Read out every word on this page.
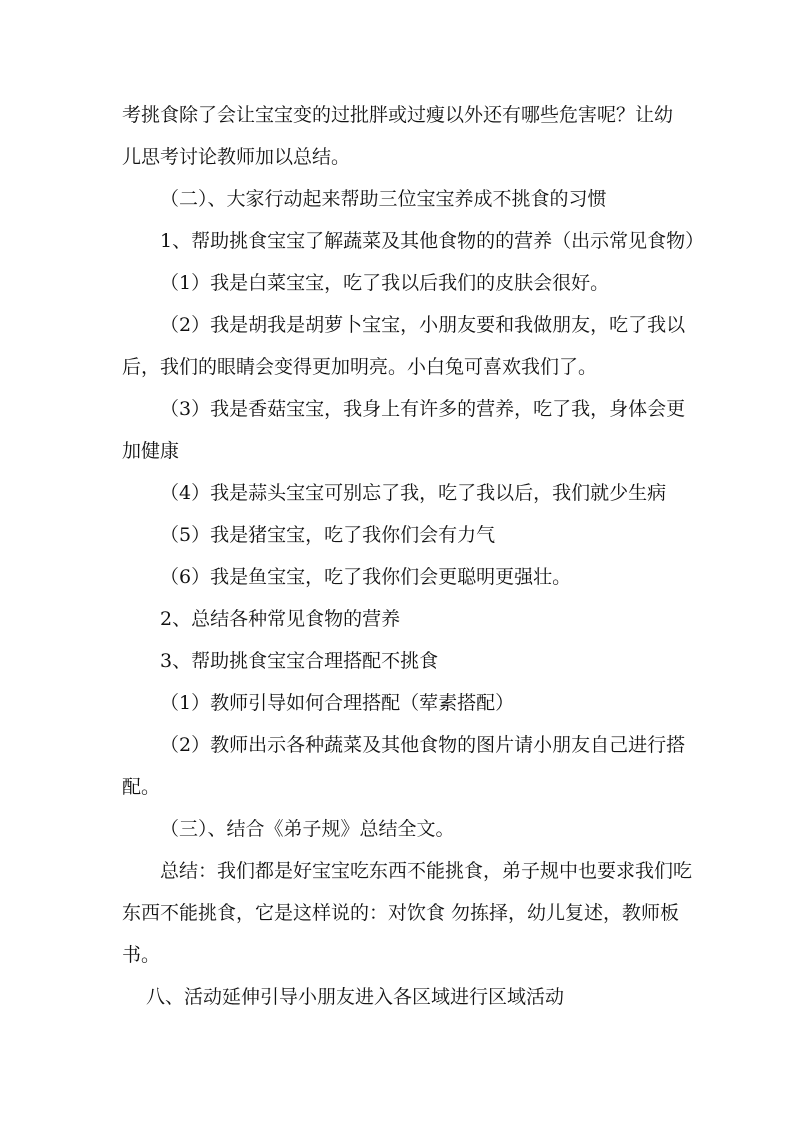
考挑食除了会让宝宝变的过批胖或过瘦以外还有哪些危害呢？让幼
儿思考讨论教师加以总结。
（二）、大家行动起来帮助三位宝宝养成不挑食的习惯
1、帮助挑食宝宝了解蔬菜及其他食物的的营养（出示常见食物）
（1）我是白菜宝宝，吃了我以后我们的皮肤会很好。
（2）我是胡我是胡萝卜宝宝，小朋友要和我做朋友，吃了我以
后，我们的眼睛会变得更加明亮。小白兔可喜欢我们了。
（3）我是香菇宝宝，我身上有许多的营养，吃了我，身体会更
加健康
（4）我是蒜头宝宝可别忘了我，吃了我以后，我们就少生病
（5）我是猪宝宝，吃了我你们会有力气
（6）我是鱼宝宝，吃了我你们会更聪明更强壮。
2、总结各种常见食物的营养
3、帮助挑食宝宝合理搭配不挑食
（1）教师引导如何合理搭配（荤素搭配）
（2）教师出示各种蔬菜及其他食物的图片请小朋友自己进行搭
配。
（三）、结合《弟子规》总结全文。
总结：我们都是好宝宝吃东西不能挑食，弟子规中也要求我们吃
东西不能挑食，它是这样说的：对饮食 勿拣择，幼儿复述，教师板
书。
八、活动延伸引导小朋友进入各区域进行区域活动
